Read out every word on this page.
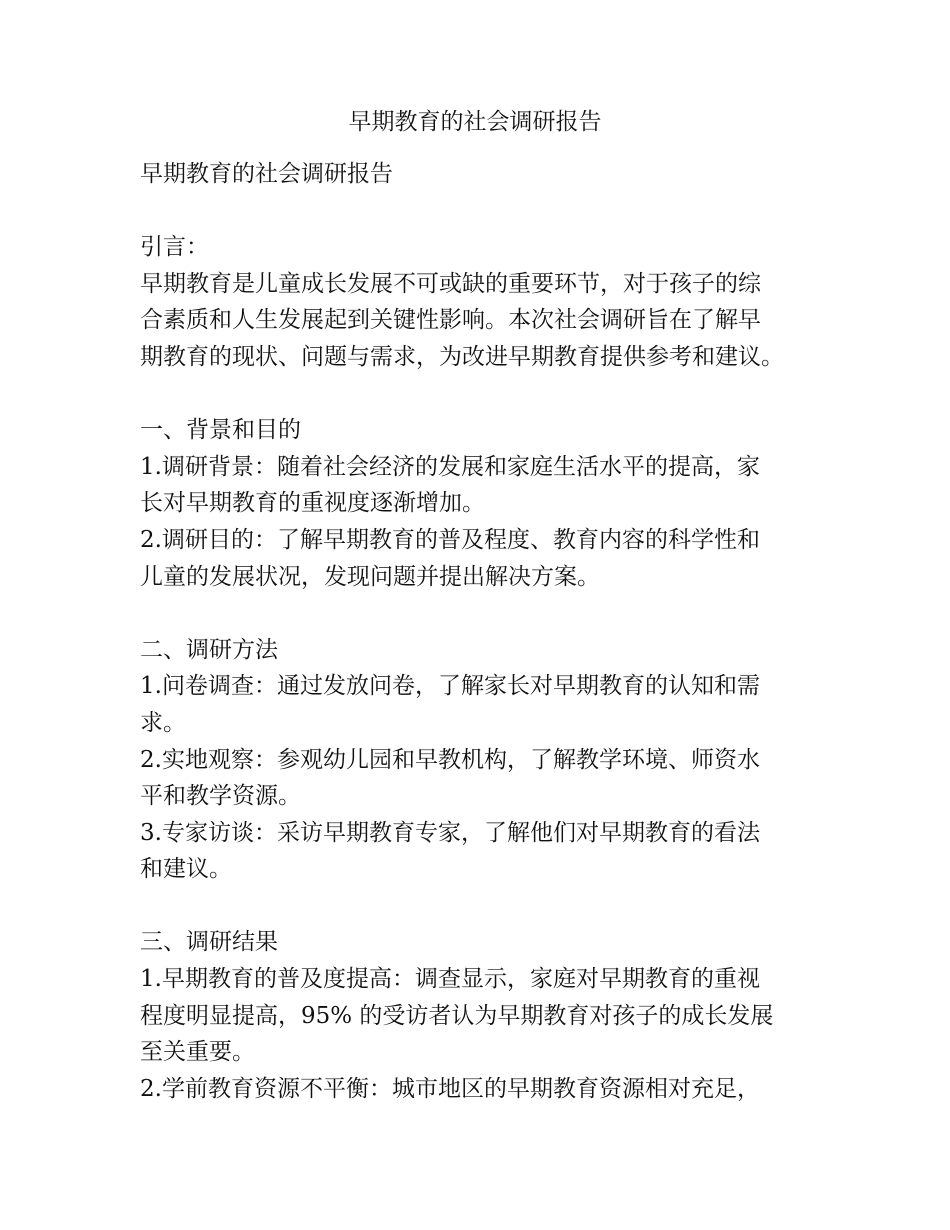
早期教育的社会调研报告
早期教育的社会调研报告
引言：
早期教育是儿童成长发展不可或缺的重要环节，对于孩子的综
合素质和人生发展起到关键性影响。本次社会调研旨在了解早
期教育的现状、问题与需求，为改进早期教育提供参考和建议。
一、背景和目的
1.调研背景：随着社会经济的发展和家庭生活水平的提高，家
长对早期教育的重视度逐渐增加。
2.调研目的：了解早期教育的普及程度、教育内容的科学性和
儿童的发展状况，发现问题并提出解决方案。
二、调研方法
1.问卷调查：通过发放问卷，了解家长对早期教育的认知和需
求。
2.实地观察：参观幼儿园和早教机构，了解教学环境、师资水
平和教学资源。
3.专家访谈：采访早期教育专家，了解他们对早期教育的看法
和建议。
三、调研结果
1.早期教育的普及度提高：调查显示，家庭对早期教育的重视
程度明显提高，95% 的受访者认为早期教育对孩子的成长发展
至关重要。
2.学前教育资源不平衡：城市地区的早期教育资源相对充足，
